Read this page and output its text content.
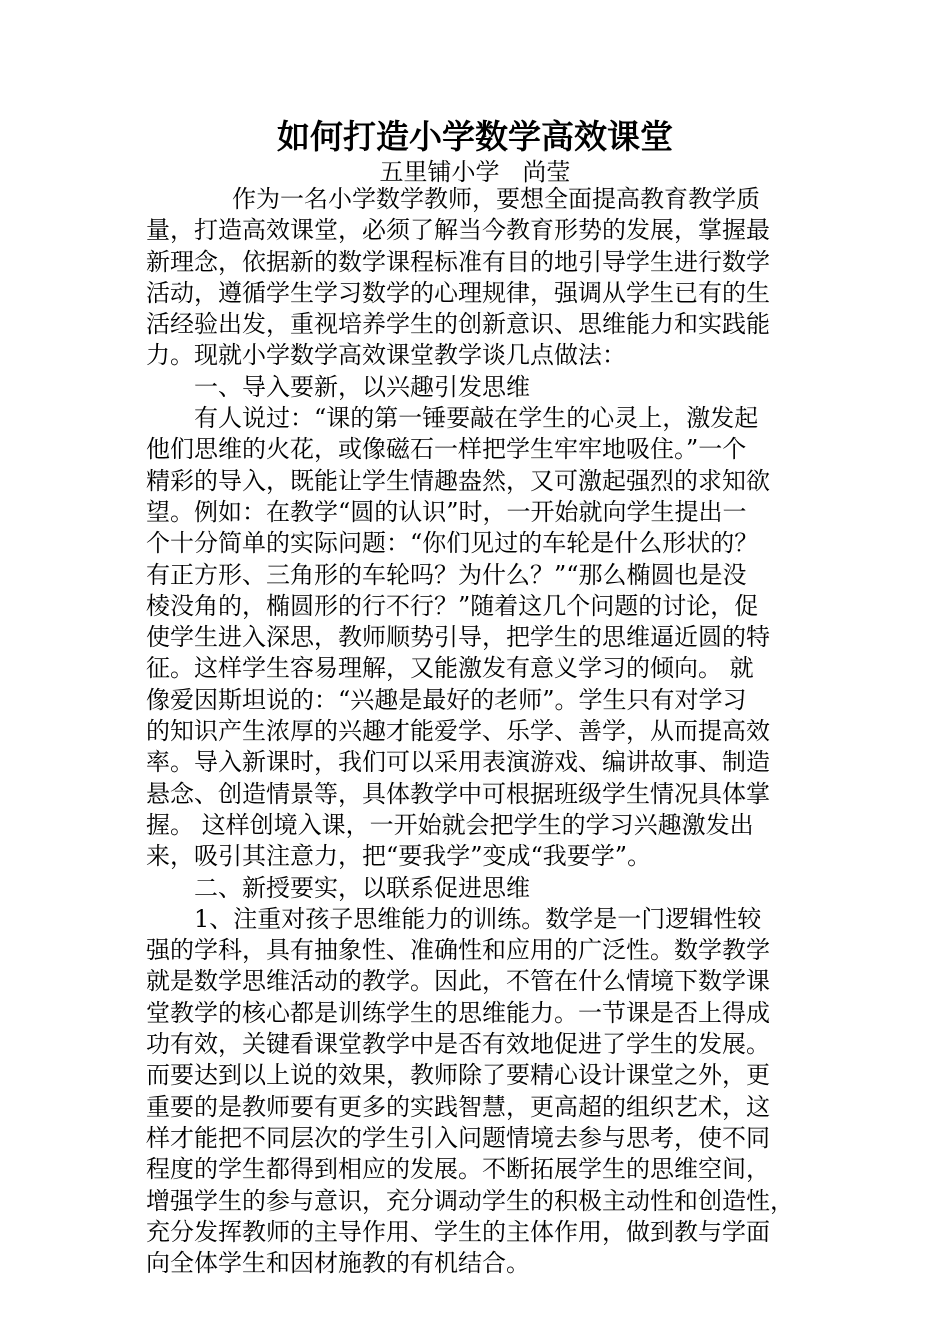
如何打造小学数学高效课堂
五里铺小学   尚莹
作为一名小学数学教师，要想全面提高教育教学质
量，打造高效课堂，必须了解当今教育形势的发展，掌握最
新理念，依据新的数学课程标准有目的地引导学生进行数学
活动，遵循学生学习数学的心理规律，强调从学生已有的生
活经验出发，重视培养学生的创新意识、思维能力和实践能
力。现就小学数学高效课堂教学谈几点做法：
一、导入要新，以兴趣引发思维
有人说过：“课的第一锤要敲在学生的心灵上，激发起
他们思维的火花，或像磁石一样把学生牢牢地吸住。”一个
精彩的导入，既能让学生情趣盎然，又可激起强烈的求知欲
望。例如：在教学“圆的认识”时，一开始就向学生提出一
个十分简单的实际问题：“你们见过的车轮是什么形状的？
有正方形、三角形的车轮吗？为什么？”“那么椭圆也是没
棱没角的，椭圆形的行不行？”随着这几个问题的讨论，促
使学生进入深思，教师顺势引导，把学生的思维逼近圆的特
征。这样学生容易理解，又能激发有意义学习的倾向。 就
像爱因斯坦说的：“兴趣是最好的老师”。学生只有对学习
的知识产生浓厚的兴趣才能爱学、乐学、善学，从而提高效
率。导入新课时，我们可以采用表演游戏、编讲故事、制造
悬念、创造情景等，具体教学中可根据班级学生情况具体掌
握。 这样创境入课，一开始就会把学生的学习兴趣激发出
来，吸引其注意力，把“要我学”变成“我要学”。
二、新授要实，以联系促进思维
1、注重对孩子思维能力的训练。数学是一门逻辑性较
强的学科，具有抽象性、准确性和应用的广泛性。数学教学
就是数学思维活动的教学。因此，不管在什么情境下数学课
堂教学的核心都是训练学生的思维能力。一节课是否上得成
功有效，关键看课堂教学中是否有效地促进了学生的发展。
而要达到以上说的效果，教师除了要精心设计课堂之外，更
重要的是教师要有更多的实践智慧，更高超的组织艺术，这
样才能把不同层次的学生引入问题情境去参与思考，使不同
程度的学生都得到相应的发展。不断拓展学生的思维空间，
增强学生的参与意识，充分调动学生的积极主动性和创造性，
充分发挥教师的主导作用、学生的主体作用，做到教与学面
向全体学生和因材施教的有机结合。
